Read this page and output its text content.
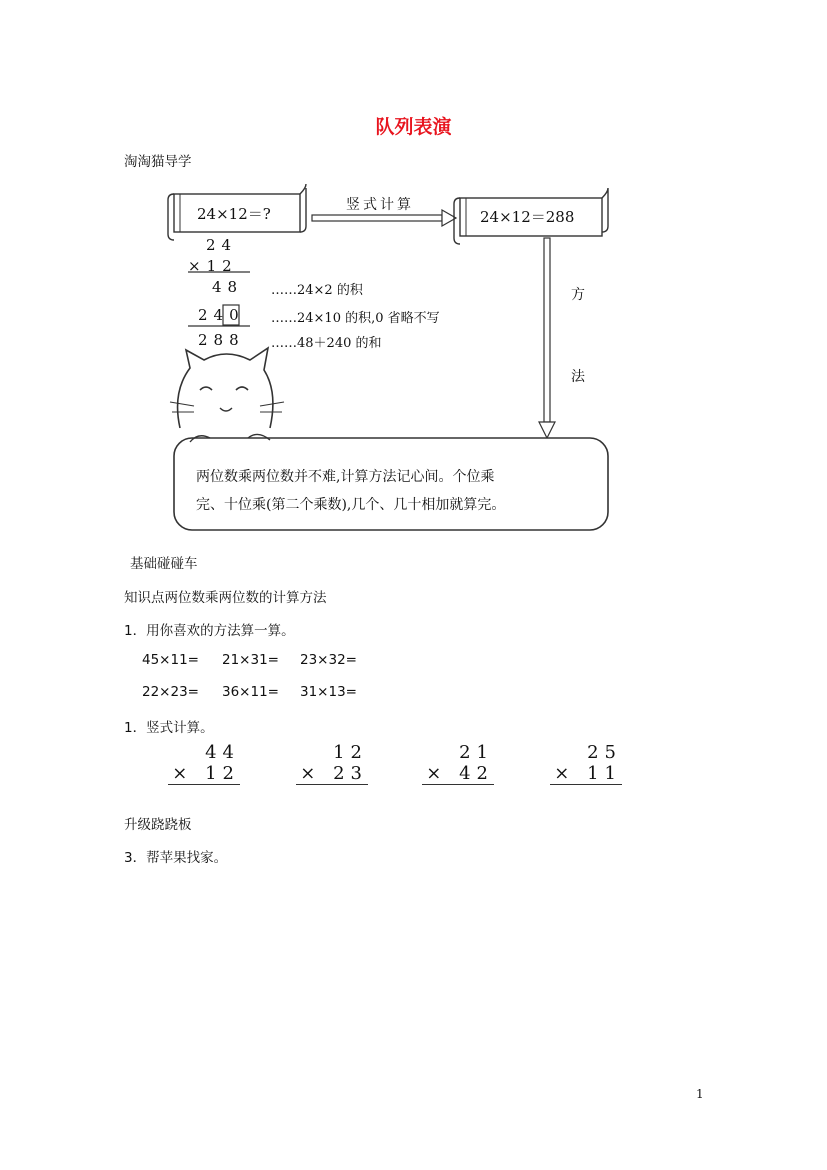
队列表演
淘淘猫导学
24×12＝?	竖式计算
24×12＝288
方
法
24
×12
48 ……24×2 的积
240 ……24×10 的积,0 省略不写
288 ……48＋240 的和
两位数乘两位数并不难,计算方法记心间。个位乘
完、十位乘(第二个乘数),几个、几十相加就算完。
基础碰碰车
知识点两位数乘两位数的计算方法
1．用你喜欢的方法算一算。
45×11= 21×31= 23×32=
22×23= 36×11= 31×13=
1．竖式计算。
44
× 12
12
× 23
21
× 42
25
× 11
升级跷跷板
3．帮苹果找家。
1
